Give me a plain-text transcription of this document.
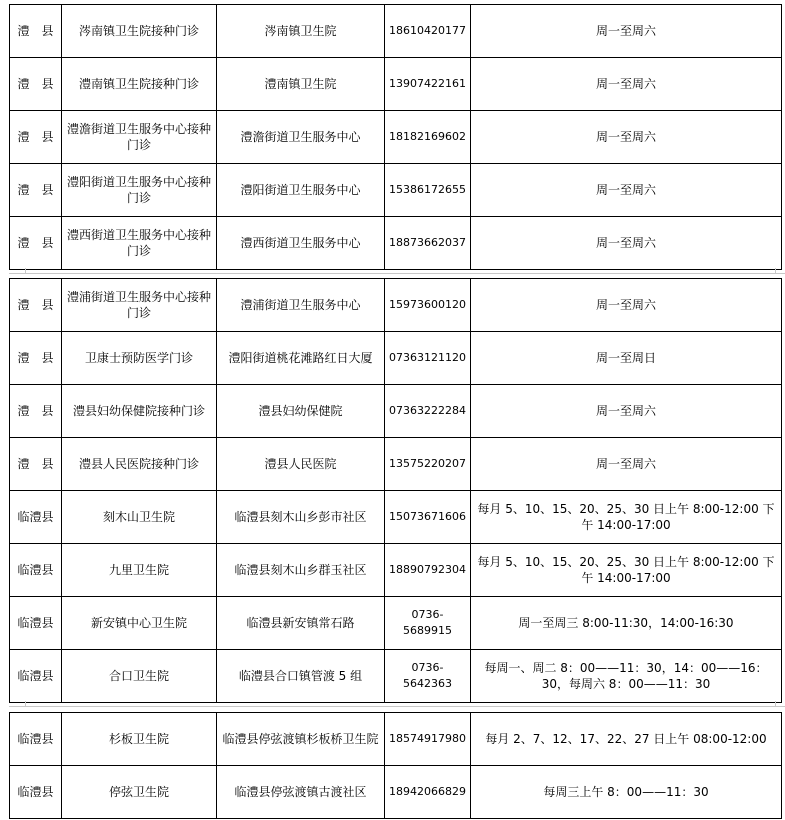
澧　县	涔南镇卫生院接种门诊	涔南镇卫生院	18610420177	周一至周六
澧　县	澧南镇卫生院接种门诊	澧南镇卫生院	13907422161	周一至周六
澧　县	澧澹街道卫生服务中心接种门诊	澧澹街道卫生服务中心	18182169602	周一至周六
澧　县	澧阳街道卫生服务中心接种门诊	澧阳街道卫生服务中心	15386172655	周一至周六
澧　县	澧西街道卫生服务中心接种门诊	澧西街道卫生服务中心	18873662037	周一至周六
澧　县	澧浦街道卫生服务中心接种门诊	澧浦街道卫生服务中心	15973600120	周一至周六
澧　县	卫康士预防医学门诊	澧阳街道桃花滩路红日大厦	07363121120	周一至周日
澧　县	澧县妇幼保健院接种门诊	澧县妇幼保健院	07363222284	周一至周六
澧　县	澧县人民医院接种门诊	澧县人民医院	13575220207	周一至周六
临澧县	刻木山卫生院	临澧县刻木山乡彭市社区	15073671606	每月 5、10、15、20、25、30 日上午 8:00-12:00 下午 14:00-17:00
临澧县	九里卫生院	临澧县刻木山乡群玉社区	18890792304	每月 5、10、15、20、25、30 日上午 8:00-12:00 下午 14:00-17:00
临澧县	新安镇中心卫生院	临澧县新安镇常石路	0736-5689915	周一至周三 8:00-11:30，14:00-16:30
临澧县	合口卫生院	临澧县合口镇管渡 5 组	0736-5642363	每周一、周二 8：00——11：30，14：00——16：30，每周六 8：00——11：30
临澧县	杉板卫生院	临澧县停弦渡镇杉板桥卫生院	18574917980	每月 2、7、12、17、22、27 日上午 08:00-12:00
临澧县	停弦卫生院	临澧县停弦渡镇古渡社区	18942066829	每周三上午 8：00——11：30
